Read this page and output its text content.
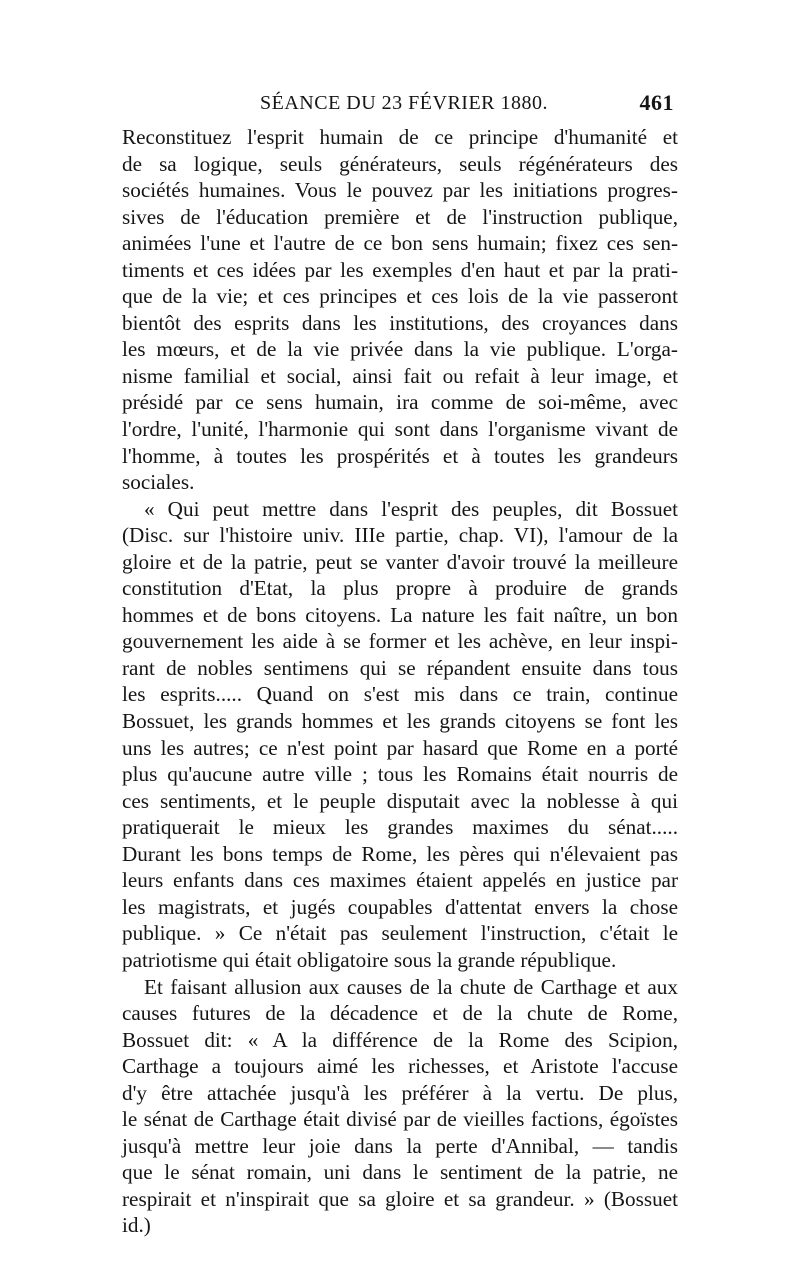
SÉANCE DU 23 FÉVRIER 1880.	461

Reconstituez l'esprit humain de ce principe d'humanité et
de sa logique, seuls générateurs, seuls régénérateurs des
sociétés humaines. Vous le pouvez par les initiations progres-
sives de l'éducation première et de l'instruction publique,
animées l'une et l'autre de ce bon sens humain; fixez ces sen-
timents et ces idées par les exemples d'en haut et par la prati-
que de la vie; et ces principes et ces lois de la vie passeront
bientôt des esprits dans les institutions, des croyances dans
les mœurs, et de la vie privée dans la vie publique. L'orga-
nisme familial et social, ainsi fait ou refait à leur image, et
présidé par ce sens humain, ira comme de soi-même, avec
l'ordre, l'unité, l'harmonie qui sont dans l'organisme vivant de
l'homme, à toutes les prospérités et à toutes les grandeurs
sociales.

« Qui peut mettre dans l'esprit des peuples, dit Bossuet
(Disc. sur l'histoire univ. IIIe partie, chap. VI), l'amour de la
gloire et de la patrie, peut se vanter d'avoir trouvé la meilleure
constitution d'Etat, la plus propre à produire de grands
hommes et de bons citoyens. La nature les fait naître, un bon
gouvernement les aide à se former et les achève, en leur inspi-
rant de nobles sentimens qui se répandent ensuite dans tous
les esprits..... Quand on s'est mis dans ce train, continue
Bossuet, les grands hommes et les grands citoyens se font les
uns les autres; ce n'est point par hasard que Rome en a porté
plus qu'aucune autre ville ; tous les Romains était nourris de
ces sentiments, et le peuple disputait avec la noblesse à qui
pratiquerait le mieux les grandes maximes du sénat.....
Durant les bons temps de Rome, les pères qui n'élevaient pas
leurs enfants dans ces maximes étaient appelés en justice par
les magistrats, et jugés coupables d'attentat envers la chose
publique. » Ce n'était pas seulement l'instruction, c'était le
patriotisme qui était obligatoire sous la grande république.

Et faisant allusion aux causes de la chute de Carthage et aux
causes futures de la décadence et de la chute de Rome,
Bossuet dit: « A la différence de la Rome des Scipion,
Carthage a toujours aimé les richesses, et Aristote l'accuse
d'y être attachée jusqu'à les préférer à la vertu. De plus,
le sénat de Carthage était divisé par de vieilles factions, égoïstes
jusqu'à mettre leur joie dans la perte d'Annibal, — tandis
que le sénat romain, uni dans le sentiment de la patrie, ne
respirait et n'inspirait que sa gloire et sa grandeur. » (Bossuet
id.)
